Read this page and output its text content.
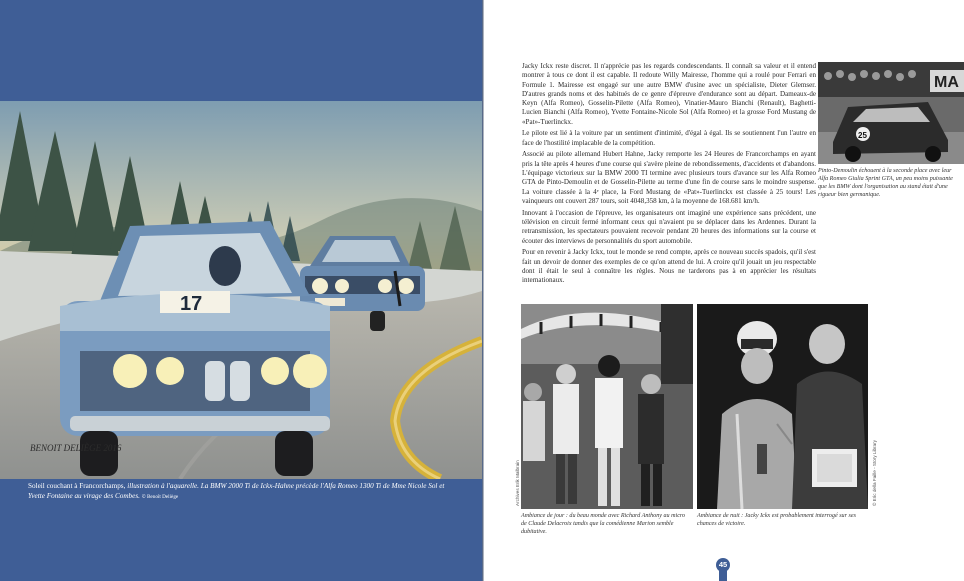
17
BENOIT DELIÈGE 2016
Soleil couchant à Francorchamps, illustration à l'aquarelle. La BMW 2000 Ti de Ickx-Hahne précède l'Alfa Romeo 1300 Ti de Mme Nicole Sol et Yvette Fontaine au virage des Combes. © Benoît Deliège

Jacky Ickx reste discret. Il n'apprécie pas les regards condescendants. Il connaît sa valeur et il entend montrer à tous ce dont il est capable. Il redoute Willy Mairesse, l'homme qui a roulé pour Ferrari en Formule 1. Mairesse est engagé sur une autre BMW d'usine avec un spécialiste, Dieter Glemser. D'autres grands noms et des habitués de ce genre d'épreuve d'endurance sont au départ. Dameaux-de Keyn (Alfa Romeo), Gosselin-Pilette (Alfa Romeo), Vinatier-Mauro Bianchi (Renault), Baghetti-Lucien Bianchi (Alfa Romeo), Yvette Fontaine-Nicole Sol (Alfa Romeo) et la grosse Ford Mustang de «Pat»-Tuerlinckx.

Le pilote est lié à la voiture par un sentiment d'intimité, d'égal à égal. Ils se soutiennent l'un l'autre en face de l'hostilité implacable de la compétition.

Associé au pilote allemand Hubert Hahne, Jacky remporte les 24 Heures de Francorchamps en ayant pris la tête après 4 heures d'une course qui s'avère pleine de rebondissements, d'accidents et d'abandons. L'équipage victorieux sur la BMW 2000 TI termine avec plusieurs tours d'avance sur les Alfa Romeo GTA de Pinto-Demoulin et de Gosselin-Pilette au terme d'une fin de course sans le moindre suspense. La voiture classée à la 4ᵉ place, la Ford Mustang de «Pat»-Tuerlinckx est classée à 25 tours! Les vainqueurs ont couvert 287 tours, soit 4048,358 km, à la moyenne de 168.681 km/h.

Innovant à l'occasion de l'épreuve, les organisateurs ont imaginé une expérience sans précédent, une télévision en circuit fermé informant ceux qui n'avaient pu se déplacer dans les Ardennes. Durant la retransmission, les spectateurs pouvaient recevoir pendant 20 heures des informations sur la course et écouter des interviews de personnalités du sport automobile.

Pour en revenir à Jacky Ickx, tout le monde se rend compte, après ce nouveau succès spadois, qu'il s'est fait un devoir de donner des exemples de ce qu'on attend de lui. A croire qu'il jouait un jeu respectable dont il était le seul à connaître les règles. Nous ne tarderons pas à en apprécier les résultats internationaux.

MA
25
Pinto-Demoulin échouent à la seconde place avec leur Alfa Romeo Giulia Sprint GTA, un peu moins puissante que les BMW dont l'organisation au stand était d'une rigueur bien germanique.
Archives Erik Malbrain
Ambiance de jour : du beau monde avec Richard Anthony au micro de Claude Delacroix tandis que la comédienne Marion semble dubitative.
© Eric della Faille - Story Library
Ambiance de nuit : Jacky Ickx est probablement interrogé sur ses chances de victoire.
45
